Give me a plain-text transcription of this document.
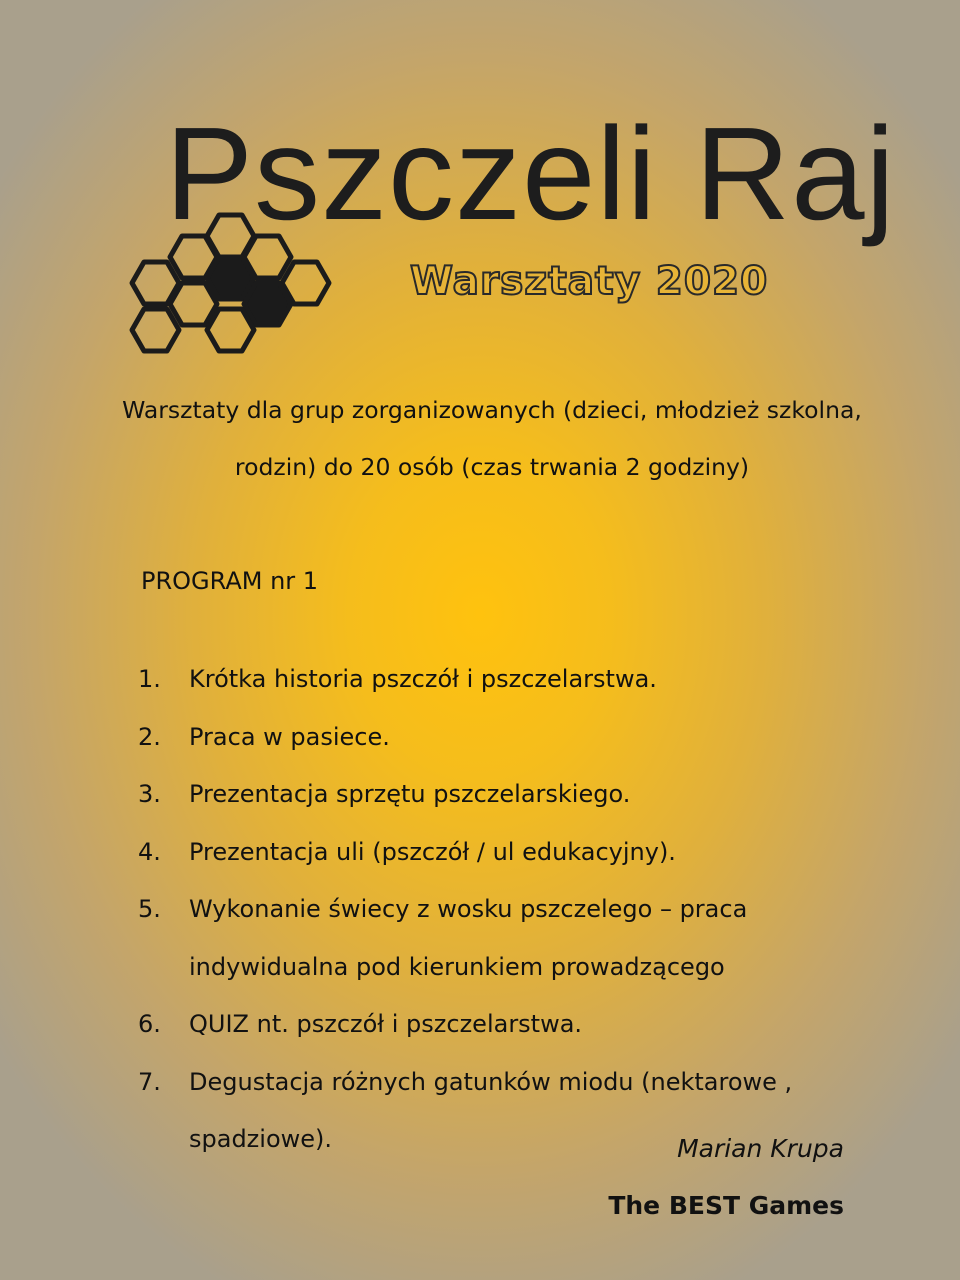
Pszczeli Raj
Warsztaty 2020
Warsztaty dla grup zorganizowanych (dzieci, młodzież szkolna, rodzin) do 20 osób (czas trwania 2 godziny)
PROGRAM nr 1
1. Krótka historia pszczół i pszczelarstwa.
2. Praca w pasiece.
3. Prezentacja sprzętu pszczelarskiego.
4. Prezentacja uli (pszczół / ul edukacyjny).
5. Wykonanie świecy z wosku pszczelego – praca indywidualna pod kierunkiem prowadzącego
6. QUIZ nt. pszczół i pszczelarstwa.
7. Degustacja różnych gatunków miodu (nektarowe , spadziowe).	Marian Krupa
The BEST Games
